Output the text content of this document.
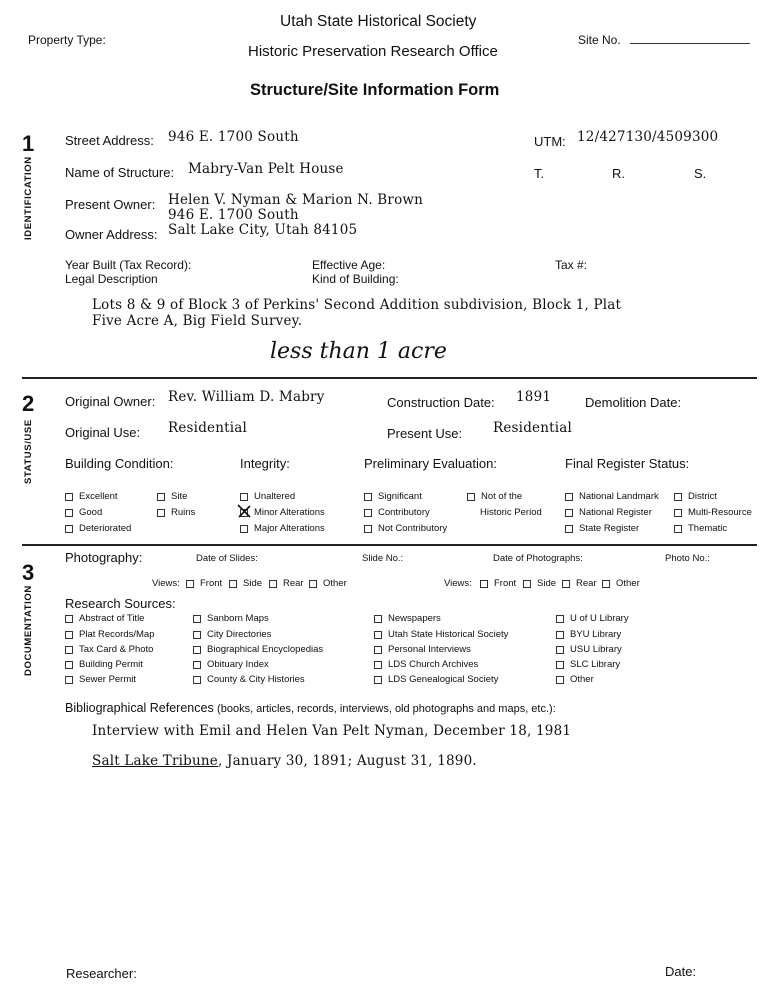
Property Type:
Utah State Historical Society
Historic Preservation Research Office
Site No.
Structure/Site Information Form
1
IDENTIFICATION
Street Address: 946 E. 1700 South	UTM: 12/427130/4509300
Name of Structure: Mabry-Van Pelt House	T.	R.	S.
Present Owner: Helen V. Nyman & Marion N. Brown
946 E. 1700 South
Owner Address: Salt Lake City, Utah 84105
Year Built (Tax Record):	Effective Age:	Tax #:
Legal Description	Kind of Building:
Lots 8 & 9 of Block 3 of Perkins' Second Addition subdivision, Block 1, Plat
Five Acre A, Big Field Survey.
less than 1 acre
2
STATUS/USE
Original Owner: Rev. William D. Mabry	Construction Date: 1891	Demolition Date:
Original Use: Residential	Present Use: Residential
Building Condition:	Integrity:	Preliminary Evaluation:	Final Register Status:
Excellent
Good
Deteriorated
Site
Ruins
Unaltered
Minor Alterations
Major Alterations
Significant
Contributory
Not Contributory
Not of the
Historic Period
National Landmark
National Register
State Register
District
Multi-Resource
Thematic
3
DOCUMENTATION
Photography:	Date of Slides:	Slide No.:	Date of Photographs:	Photo No.:
Views: Front Side Rear Other	Views: Front Side Rear Other
Research Sources:
Abstract of Title
Plat Records/Map
Tax Card & Photo
Building Permit
Sewer Permit
Sanborn Maps
City Directories
Biographical Encyclopedias
Obituary Index
County & City Histories
Newspapers
Utah State Historical Society
Personal Interviews
LDS Church Archives
LDS Genealogical Society
U of U Library
BYU Library
USU Library
SLC Library
Other
Bibliographical References (books, articles, records, interviews, old photographs and maps, etc.):
Interview with Emil and Helen Van Pelt Nyman, December 18, 1981
Salt Lake Tribune, January 30, 1891; August 31, 1890.
Researcher:	Date:
